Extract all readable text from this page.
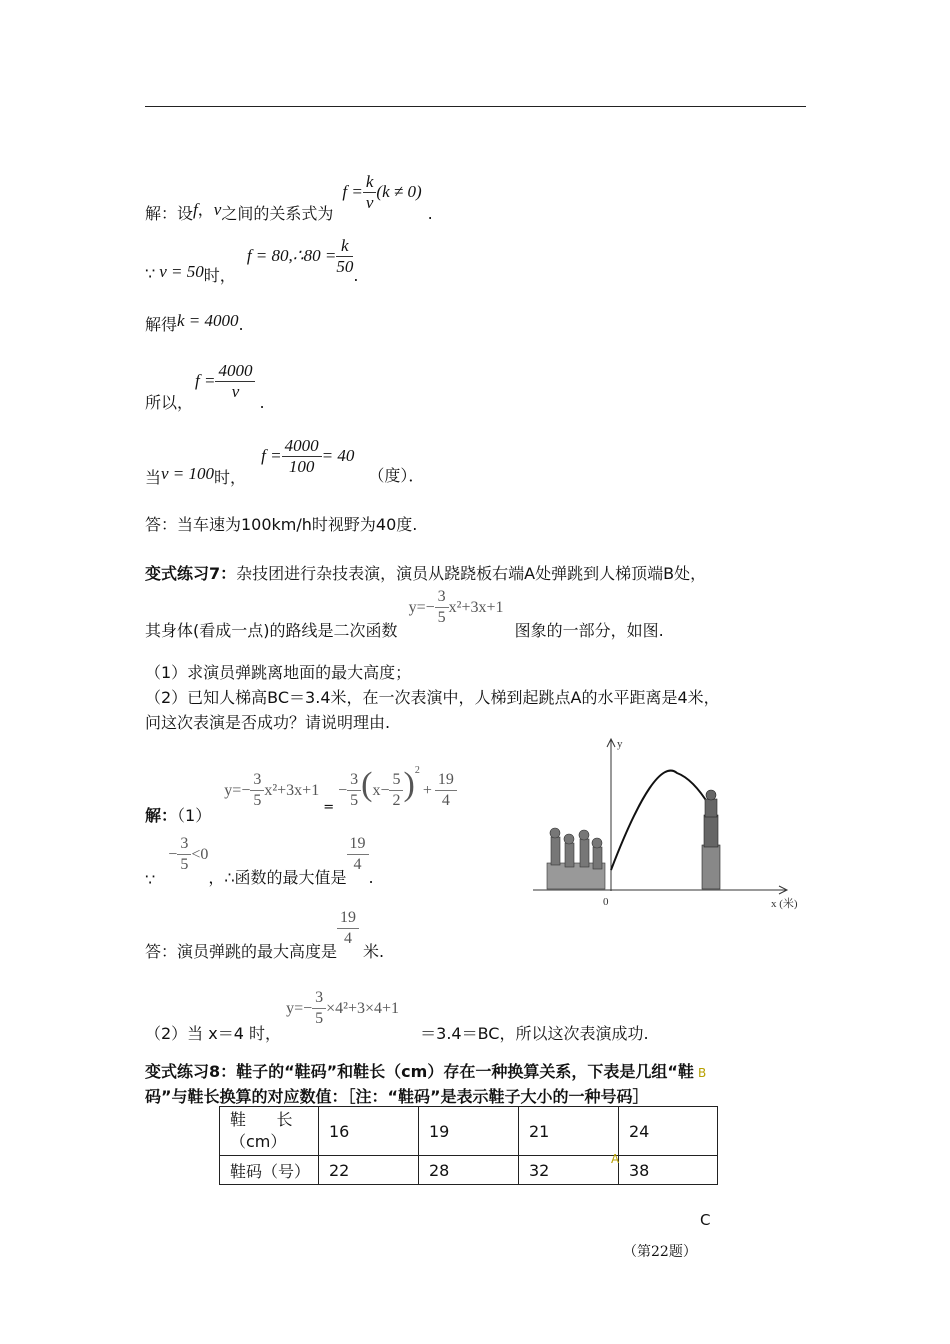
解：设f，v之间的关系式为 $f = \frac{k}{v} (k \ne 0)$.
∵ v = 50时， f = 80,∴80 = $\frac{k}{50}$ .
解得k = 4000.
所以，$f = \frac{4000}{v}$
.
当v = 100时， $f = \frac{4000}{100} = 40$（度）．
答：当车速为100km/h时视野为40度.
变式练习7：杂技团进行杂技表演，演员从跷跷板右端A处弹跳到人梯顶端B处，
其身体(看成一点)的路线是二次函数 $y=- \frac{3}{5} x^2+3x+1$ 图象的一部分，如图.
（1）求演员弹跳离地面的最大高度；
（2）已知人梯高BC＝3.4米，在一次表演中，人梯到起跳点A的水平距离是4米，
问这次表演是否成功？请说明理由.
解：（1） $y=- \frac{3}{5} x^2+3x+1_=- \frac{3}{5} (x- \frac{5}{2} )^2+ \frac{19}{4}$
∵ − $\frac{3}{5} <0$，∴函数的最大值是
$\frac{19}{4}$
.
答：演员弹跳的最大高度是
$\frac{19}{4}$
米.
（2）当 x＝4 时， $y=- \frac{3}{5} \times 4^2+3\times 4+1 =3.4=BC$，所以这次表演成功.
y
0	x (米)
变式练习8：鞋子的“鞋码”和鞋长（cm）存在一种换算关系，下表是几组“鞋
码”与鞋长换算的对应数值：［注：“鞋码”是表示鞋子大小的一种号码］
B
鞋      长
（cm）	16	19	21	24
鞋码（号）	22	28	32	38
A
C
（第22题）
